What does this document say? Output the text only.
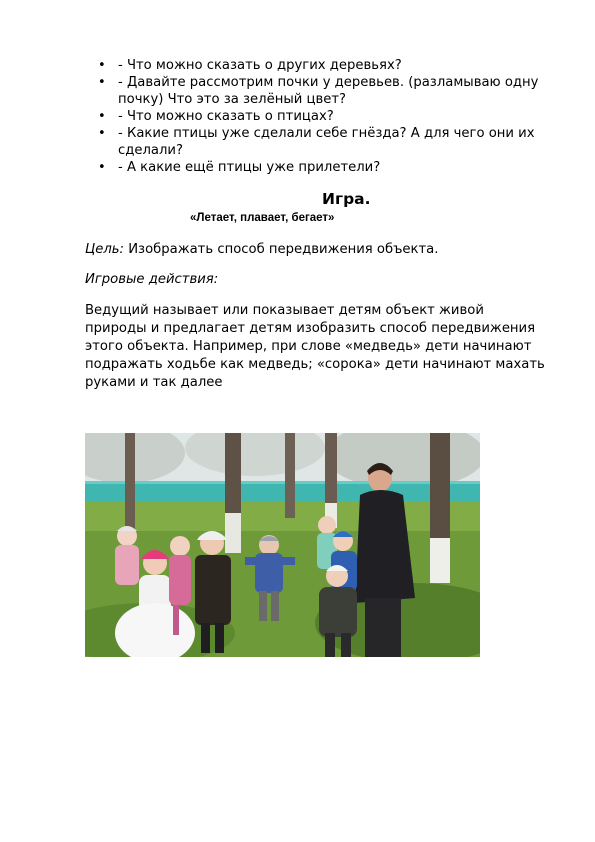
• - Что можно сказать о других деревьях?
• - Давайте рассмотрим почки у деревьев. (разламываю одну почку) Что это за зелёный цвет?
• - Что можно сказать о птицах?
• - Какие птицы уже сделали себе гнёзда? А для чего они их сделали?
• - А какие ещё птицы уже прилетели?
Игра.
«Летает, плавает, бегает»
Цель: Изображать способ передвижения объекта.
Игровые действия:
Ведущий называет или показывает детям объект живой природы и предлагает детям изобразить способ передвижения этого объекта. Например, при слове «медведь» дети начинают подражать ходьбе как медведь; «сорока» дети начинают махать руками и так далее
